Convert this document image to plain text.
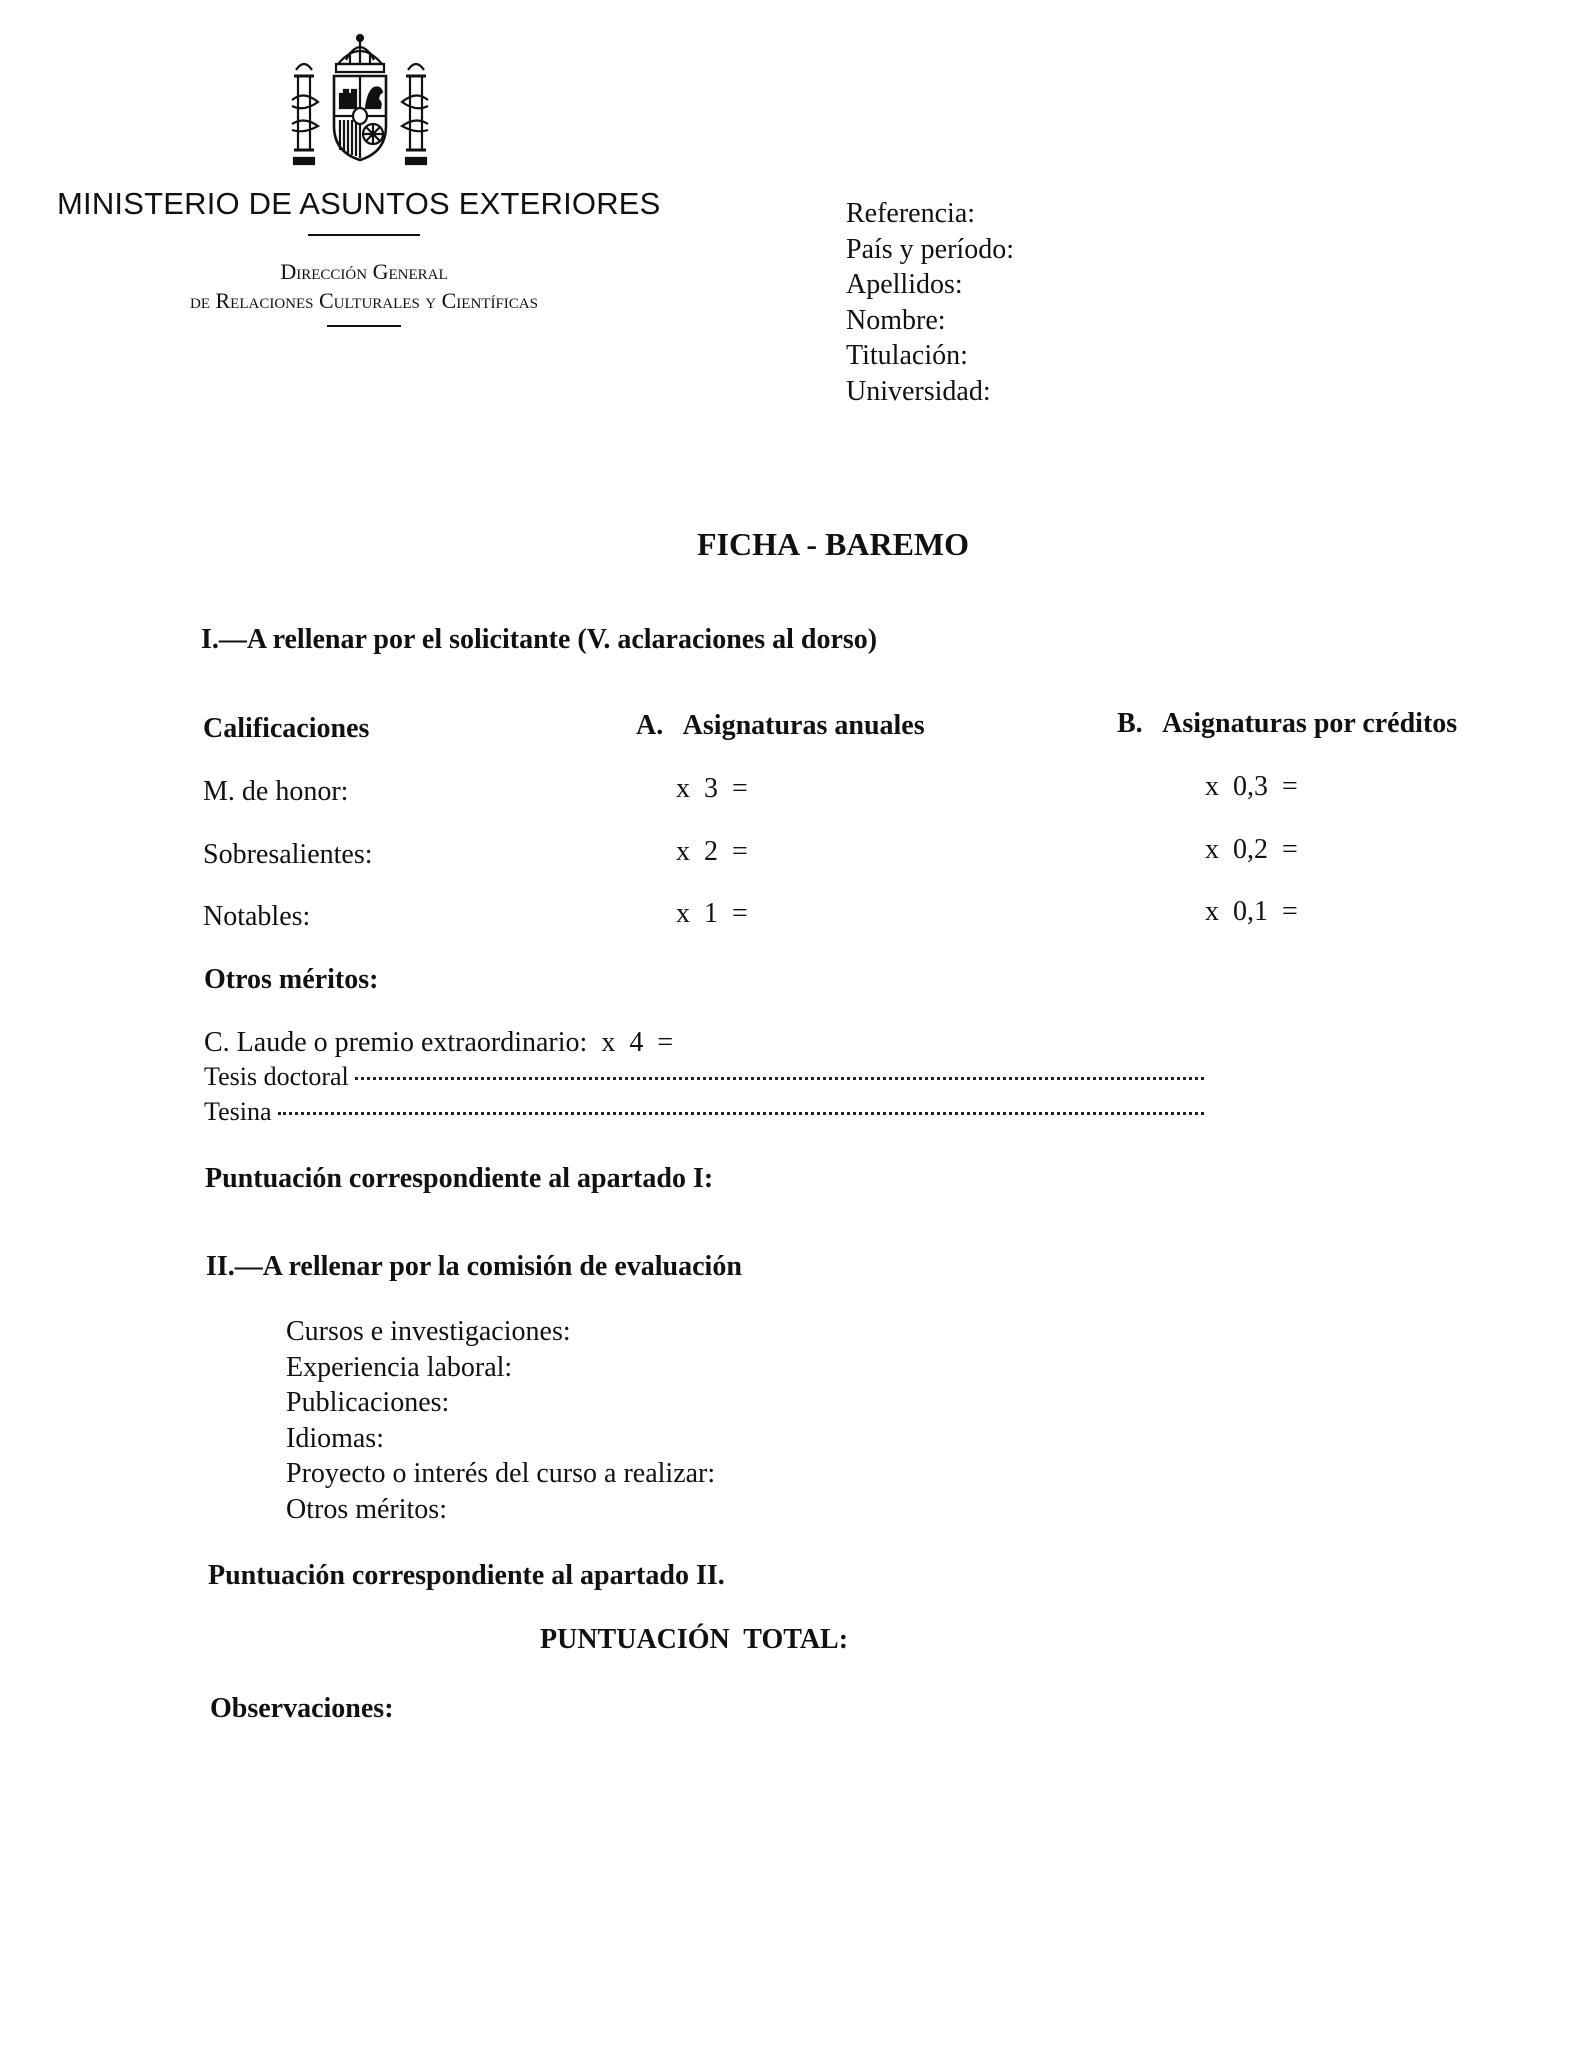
MINISTERIO DE ASUNTOS EXTERIORES
Dirección General
de Relaciones Culturales y Científicas
Referencia:
País y período:
Apellidos:
Nombre:
Titulación:
Universidad:
FICHA - BAREMO
I.—A rellenar por el solicitante (V. aclaraciones al dorso)
Calificaciones	A.   Asignaturas anuales	B.   Asignaturas por créditos
M. de honor:	x  3  =	x  0,3  =
Sobresalientes:	x  2  =	x  0,2  =
Notables:	x  1  =	x  0,1  =
Otros méritos:
C. Laude o premio extraordinario:  x  4  =
Tesis doctoral
Tesina
Puntuación correspondiente al apartado I:
II.—A rellenar por la comisión de evaluación
Cursos e investigaciones:
Experiencia laboral:
Publicaciones:
Idiomas:
Proyecto o interés del curso a realizar:
Otros méritos:
Puntuación correspondiente al apartado II.
PUNTUACIÓN  TOTAL:
Observaciones:
